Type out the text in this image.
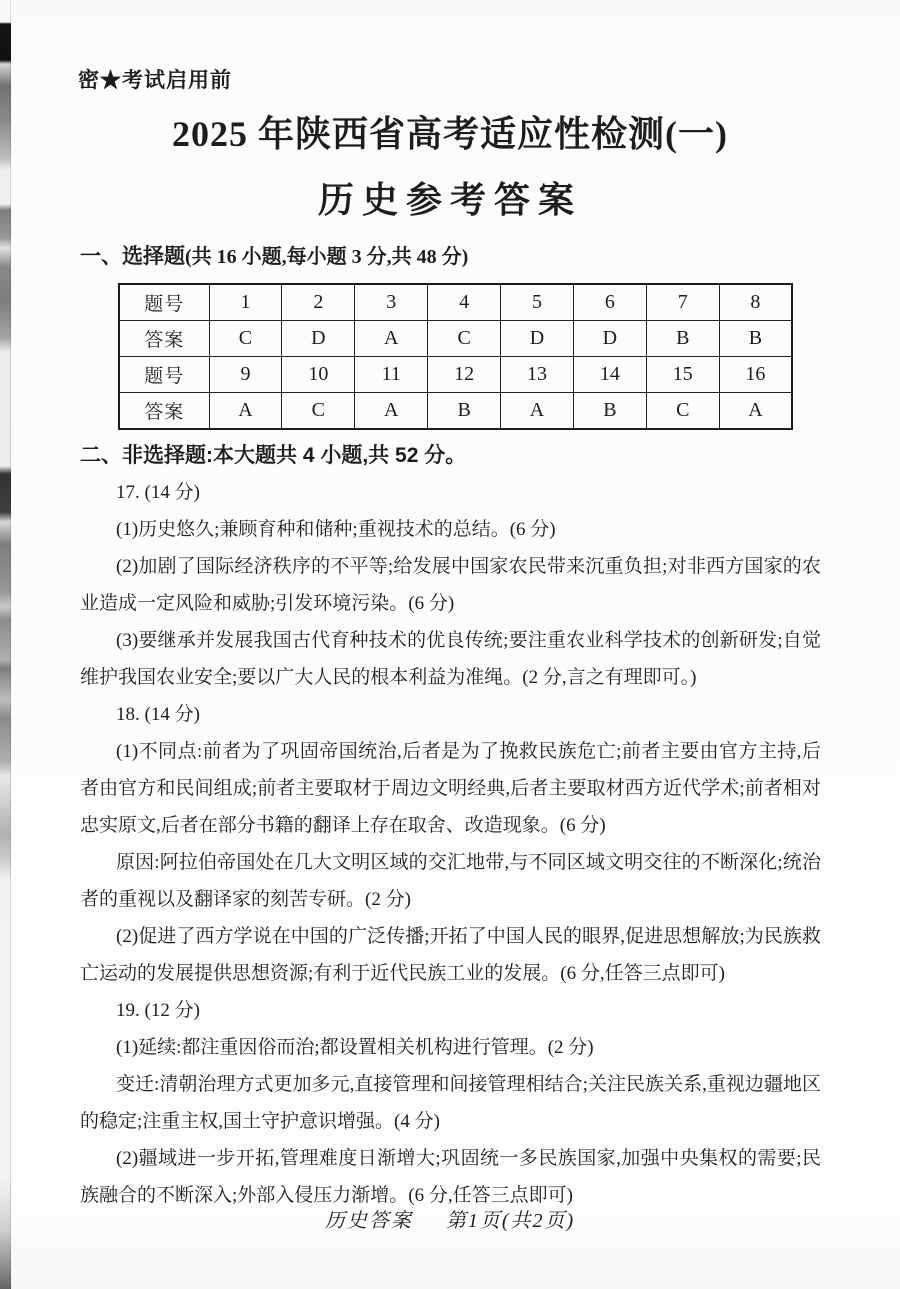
密★考试启用前
2025 年陕西省高考适应性检测(一)
历史参考答案
一、选择题(共 16 小题,每小题 3 分,共 48 分)
题号	1	2	3	4	5	6	7	8
答案	C	D	A	C	D	D	B	B
题号	9	10	11	12	13	14	15	16
答案	A	C	A	B	A	B	C	A

二、非选择题:本大题共 4 小题,共 52 分。

17. (14 分)

(1)历史悠久;兼顾育种和储种;重视技术的总结。(6 分)

(2)加剧了国际经济秩序的不平等;给发展中国家农民带来沉重负担;对非西方国家的农业造成一定风险和威胁;引发环境污染。(6 分)

(3)要继承并发展我国古代育种技术的优良传统;要注重农业科学技术的创新研发;自觉维护我国农业安全;要以广大人民的根本利益为准绳。(2 分,言之有理即可。)

18. (14 分)

(1)不同点:前者为了巩固帝国统治,后者是为了挽救民族危亡;前者主要由官方主持,后者由官方和民间组成;前者主要取材于周边文明经典,后者主要取材西方近代学术;前者相对忠实原文,后者在部分书籍的翻译上存在取舍、改造现象。(6 分)

原因:阿拉伯帝国处在几大文明区域的交汇地带,与不同区域文明交往的不断深化;统治者的重视以及翻译家的刻苦专研。(2 分)

(2)促进了西方学说在中国的广泛传播;开拓了中国人民的眼界,促进思想解放;为民族救亡运动的发展提供思想资源;有利于近代民族工业的发展。(6 分,任答三点即可)

19. (12 分)

(1)延续:都注重因俗而治;都设置相关机构进行管理。(2 分)

变迁:清朝治理方式更加多元,直接管理和间接管理相结合;关注民族关系,重视边疆地区的稳定;注重主权,国土守护意识增强。(4 分)

(2)疆域进一步开拓,管理难度日渐增大;巩固统一多民族国家,加强中央集权的需要;民族融合的不断深入;外部入侵压力渐增。(6 分,任答三点即可)

历史答案 第1页(共2页)
